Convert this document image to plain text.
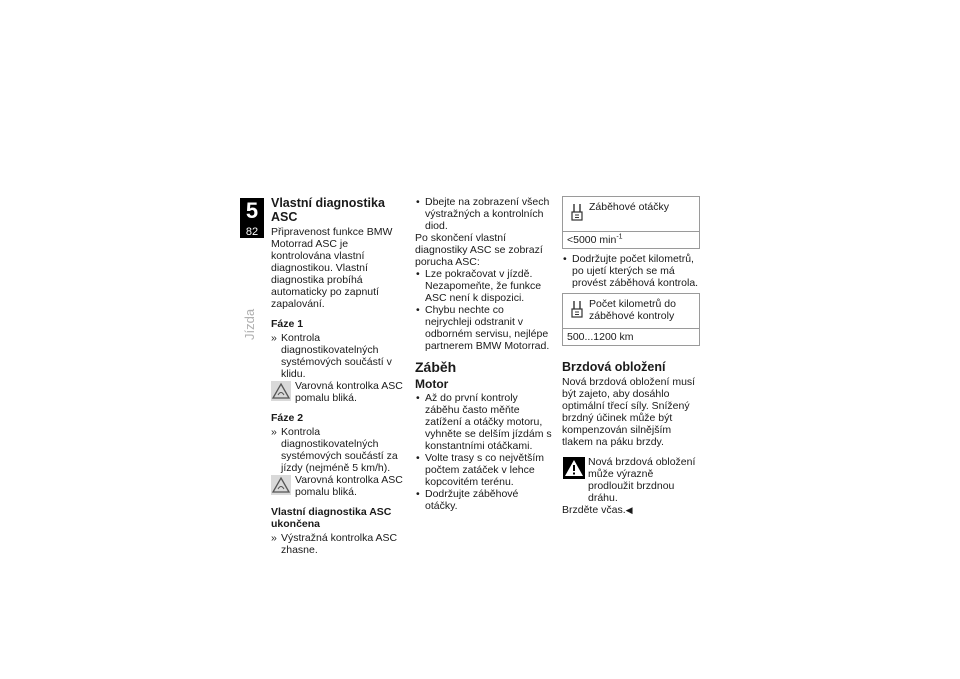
5
82
Jízda
Vlastní diagnostika ASC

Připravenost funkce BMW Motorrad ASC je kontrolována vlastní diagnostikou. Vlastní diagnostika probíhá automaticky po zapnutí zapalování.

Fáze 1

» Kontrola diagnostikovatelných systémových součástí v klidu.

Varovná kontrolka ASC pomalu bliká.
Fáze 2

» Kontrola diagnostikovatelných systémových součástí za jízdy (nejméně 5 km/h).

Varovná kontrolka ASC pomalu bliká.
Vlastní diagnostika ASC ukončena

» Výstražná kontrolka ASC zhasne.

• Dbejte na zobrazení všech výstražných a kontrolních diod.

Po skončení vlastní diagnostiky ASC se zobrazí porucha ASC:

• Lze pokračovat v jízdě. Nezapomeňte, že funkce ASC není k dispozici.

• Chybu nechte co nejrychleji odstranit v odborném servisu, nejlépe partnerem BMW Motorrad.

Záběh
Motor

• Až do první kontroly záběhu často měňte zatížení a otáčky motoru, vyhněte se delším jízdám s konstantními otáčkami.

• Volte trasy s co největším počtem zatáček v lehce kopcovitém terénu.

• Dodržujte záběhové otáčky.

Záběhové otáčky
<5000 $\min^{-1}$

• Dodržujte počet kilometrů, po ujetí kterých se má provést záběhová kontrola.

Počet kilometrů do záběhové kontroly
500...1200 km
Brzdová obložení

Nová brzdová obložení musí být zajeto, aby dosáhlo optimální třecí síly. Snížený brzdný účinek může být kompenzován silnějším tlakem na páku brzdy.

Nová brzdová obložení může výrazně prodloužit brzdnou dráhu.

Brzděte včas.◀
